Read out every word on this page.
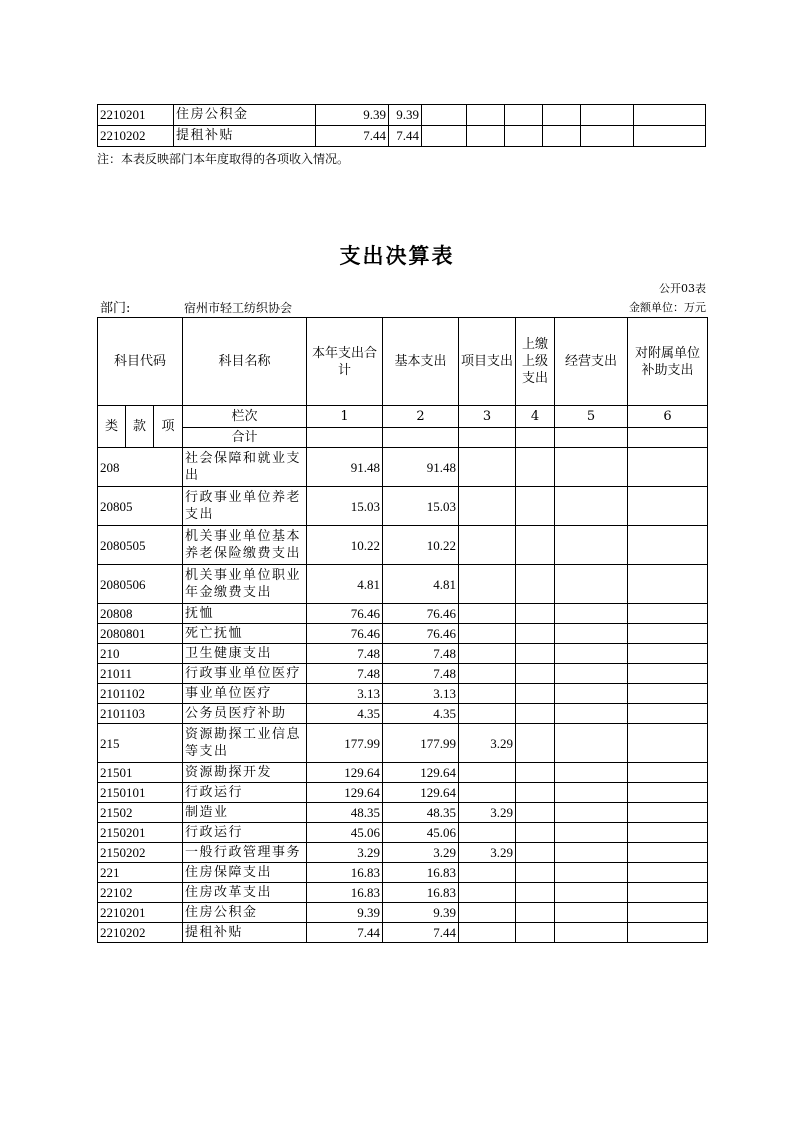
2210201	住房公积金	9.39	9.39						
2210202	提租补贴	7.44	7.44						
注：本表反映部门本年度取得的各项收入情况。
支出决算表
公开03表
部门:	宿州市轻工纺织协会	金额单位：万元
科目代码			科目名称	本年支出合计	基本支出	项目支出	上缴上级支出	经营支出	对附属单位补助支出
类	款	项	栏次	1	2	3	4	5	6
			合计						
208			社会保障和就业支出	91.48	91.48				
20805			行政事业单位养老支出	15.03	15.03				
2080505			机关事业单位基本养老保险缴费支出	10.22	10.22				
2080506			机关事业单位职业年金缴费支出	4.81	4.81				
20808			抚恤	76.46	76.46				
2080801			死亡抚恤	76.46	76.46				
210			卫生健康支出	7.48	7.48				
21011			行政事业单位医疗	7.48	7.48				
2101102			事业单位医疗	3.13	3.13				
2101103			公务员医疗补助	4.35	4.35				
215			资源勘探工业信息等支出	177.99	177.99	3.29			
21501			资源勘探开发	129.64	129.64				
2150101			行政运行	129.64	129.64				
21502			制造业	48.35	48.35	3.29			
2150201			行政运行	45.06	45.06				
2150202			一般行政管理事务	3.29	3.29	3.29			
221			住房保障支出	16.83	16.83				
22102			住房改革支出	16.83	16.83				
2210201			住房公积金	9.39	9.39				
2210202			提租补贴	7.44	7.44				
